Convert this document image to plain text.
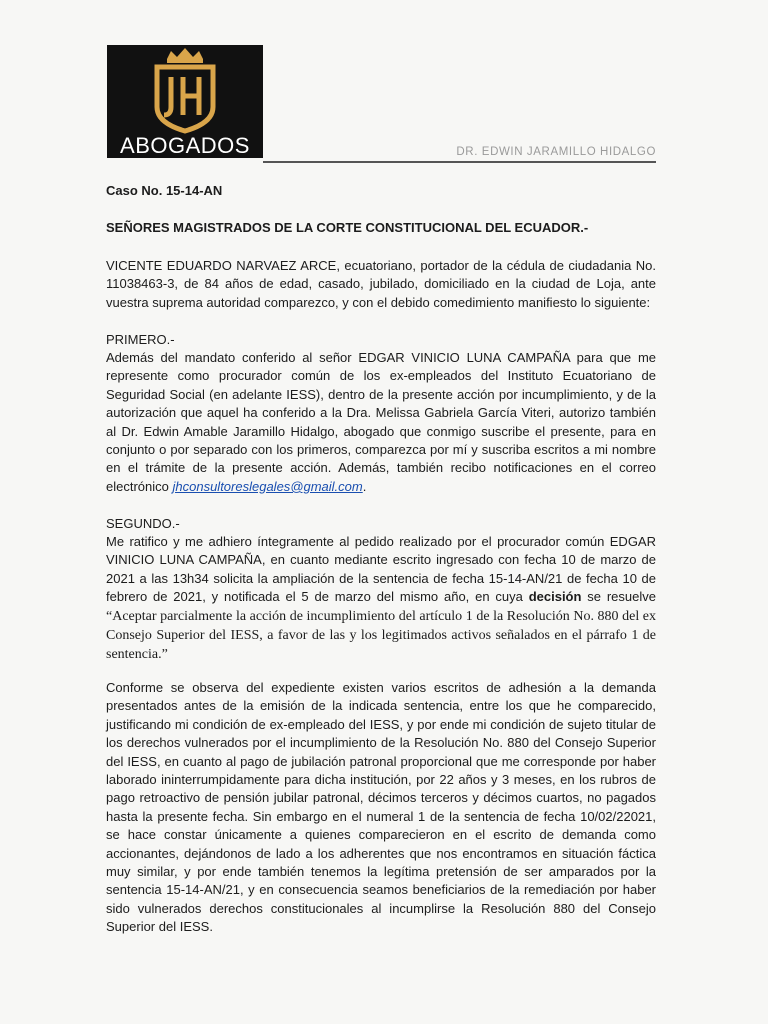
JH
ABOGADOS	DR. EDWIN JARAMILLO HIDALGO
Caso No. 15-14-AN
SEÑORES MAGISTRADOS DE LA CORTE CONSTITUCIONAL DEL ECUADOR.-
VICENTE EDUARDO NARVAEZ ARCE, ecuatoriano, portador de la cédula de ciudadania No. 11038463-3, de 84 años de edad, casado, jubilado, domiciliado en la ciudad de Loja, ante vuestra suprema autoridad comparezco, y con el debido comedimiento manifiesto lo siguiente:
PRIMERO.-

Además del mandato conferido al señor EDGAR VINICIO LUNA CAMPAÑA para que me represente como procurador común de los ex-empleados del Instituto Ecuatoriano de Seguridad Social (en adelante IESS), dentro de la presente acción por incumplimiento, y de la autorización que aquel ha conferido a la Dra. Melissa Gabriela García Viteri, autorizo también al Dr. Edwin Amable Jaramillo Hidalgo, abogado que conmigo suscribe el presente, para en conjunto o por separado con los primeros, comparezca por mí y suscriba escritos a mi nombre en el trámite de la presente acción. Además, también recibo notificaciones en el correo electrónico jhconsultoreslegales@gmail.com.

SEGUNDO.-

Me ratifico y me adhiero íntegramente al pedido realizado por el procurador común EDGAR VINICIO LUNA CAMPAÑA, en cuanto mediante escrito ingresado con fecha 10 de marzo de 2021 a las 13h34 solicita la ampliación de la sentencia de fecha 15-14-AN/21 de fecha 10 de febrero de 2021, y notificada el 5 de marzo del mismo año, en cuya decisión se resuelve “Aceptar parcialmente la acción de incumplimiento del artículo 1 de la Resolución No. 880 del ex Consejo Superior del IESS, a favor de las y los legitimados activos señalados en el párrafo 1 de sentencia.”

Conforme se observa del expediente existen varios escritos de adhesión a la demanda presentados antes de la emisión de la indicada sentencia, entre los que he comparecido, justificando mi condición de ex-empleado del IESS, y por ende mi condición de sujeto titular de los derechos vulnerados por el incumplimiento de la Resolución No. 880 del Consejo Superior del IESS, en cuanto al pago de jubilación patronal proporcional que me corresponde por haber laborado ininterrumpidamente para dicha institución, por 22 años y 3 meses, en los rubros de pago retroactivo de pensión jubilar patronal, décimos terceros y décimos cuartos, no pagados hasta la presente fecha. Sin embargo en el numeral 1 de la sentencia de fecha 10/02/22021, se hace constar únicamente a quienes comparecieron en el escrito de demanda como accionantes, dejándonos de lado a los adherentes que nos encontramos en situación fáctica muy similar, y por ende también tenemos la legítima pretensión de ser amparados por la sentencia 15-14-AN/21, y en consecuencia seamos beneficiarios de la remediación por haber sido vulnerados derechos constitucionales al incumplirse la Resolución 880 del Consejo Superior del IESS.
